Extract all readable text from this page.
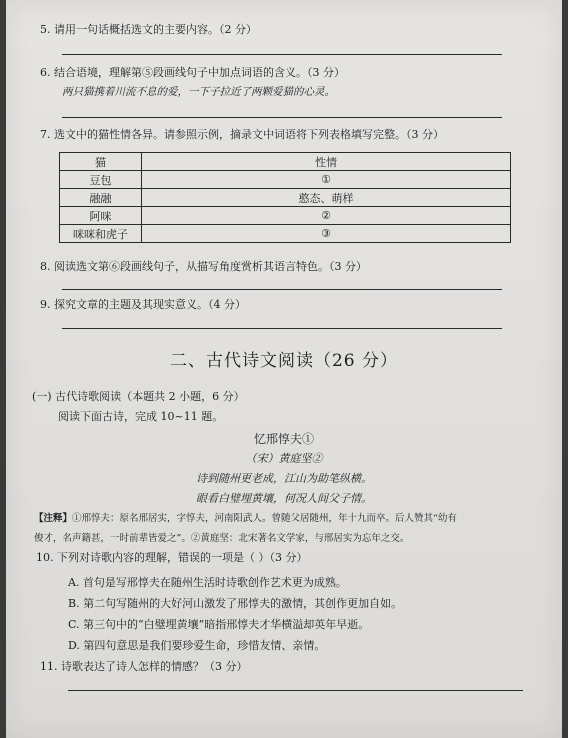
5. 请用一句话概括选文的主要内容。（2 分）
6. 结合语境，理解第⑤段画线句子中加点词语的含义。（3 分）
两只猫携着川流不息的爱，一下子拉近了两颗爱猫的心灵。
7. 选文中的猫性情各异。请参照示例，摘录文中词语将下列表格填写完整。（3 分）
猫	性情
豆包	①
融融	憨态、萌样
阿咪	②
咪咪和虎子	③
8. 阅读选文第⑥段画线句子，从描写角度赏析其语言特色。（3 分）
9. 探究文章的主题及其现实意义。（4 分）
二、古代诗文阅读（26 分）
(一) 古代诗歌阅读（本题共 2 小题，6 分）
阅读下面古诗，完成 10~11 题。
忆邢惇夫①
（宋）黄庭坚②
诗到随州更老成，江山为助笔纵横。
眼看白璧埋黄壤，何况人间父子情。
【注释】①邢惇夫：原名邢居实，字惇夫，河南阳武人。曾随父居随州，年十九而卒。后人赞其“幼有
俊才，名声籍甚，一时前辈皆爱之”。②黄庭坚：北宋著名文学家，与邢居实为忘年之交。
10. 下列对诗歌内容的理解，错误的一项是（ ）（3 分）
A. 首句是写邢惇夫在随州生活时诗歌创作艺术更为成熟。
B. 第二句写随州的大好河山激发了邢惇夫的激情，其创作更加自如。
C. 第三句中的“白璧埋黄壤”暗指邢惇夫才华横溢却英年早逝。
D. 第四句意思是我们要珍爱生命，珍惜友情、亲情。
11. 诗歌表达了诗人怎样的情感？（3 分）
